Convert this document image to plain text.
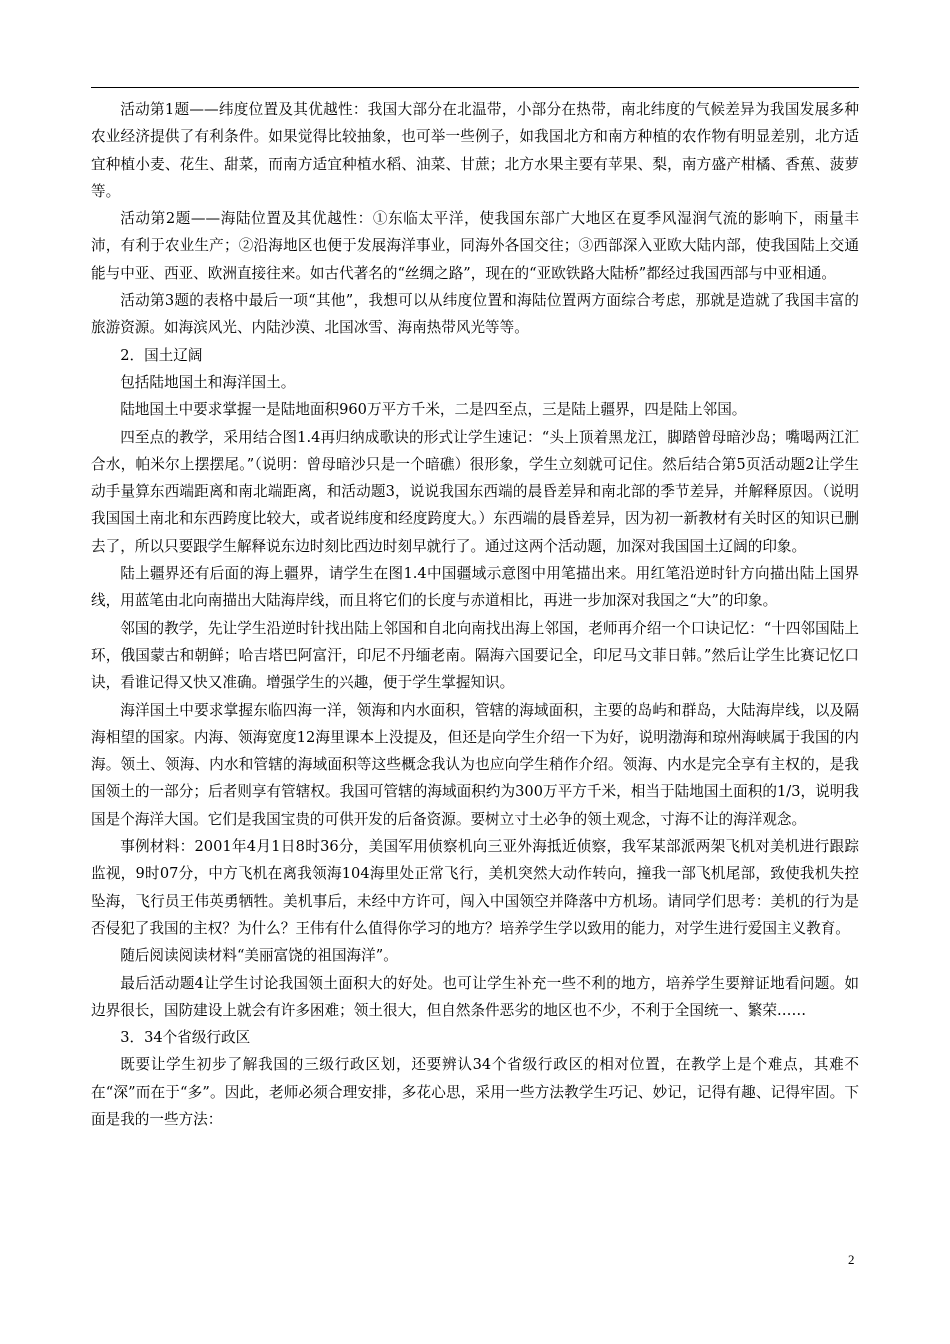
活动第1题——纬度位置及其优越性：我国大部分在北温带，小部分在热带，南北纬度的气候差异为我国发展多种农业经济提供了有利条件。如果觉得比较抽象，也可举一些例子，如我国北方和南方种植的农作物有明显差别，北方适宜种植小麦、花生、甜菜，而南方适宜种植水稻、油菜、甘蔗；北方水果主要有苹果、梨，南方盛产柑橘、香蕉、菠萝等。

活动第2题——海陆位置及其优越性：①东临太平洋，使我国东部广大地区在夏季风湿润气流的影响下，雨量丰沛，有利于农业生产；②沿海地区也便于发展海洋事业，同海外各国交往；③西部深入亚欧大陆内部，使我国陆上交通能与中亚、西亚、欧洲直接往来。如古代著名的“丝绸之路”，现在的“亚欧铁路大陆桥”都经过我国西部与中亚相通。

活动第3题的表格中最后一项“其他”，我想可以从纬度位置和海陆位置两方面综合考虑，那就是造就了我国丰富的旅游资源。如海滨风光、内陆沙漠、北国冰雪、海南热带风光等等。

2．国土辽阔

包括陆地国土和海洋国土。

陆地国土中要求掌握一是陆地面积960万平方千米，二是四至点，三是陆上疆界，四是陆上邻国。

四至点的教学，采用结合图1.4再归纳成歌诀的形式让学生速记：“头上顶着黑龙江，脚踏曾母暗沙岛；嘴喝两江汇合水，帕米尔上摆摆尾。”（说明：曾母暗沙只是一个暗礁）很形象，学生立刻就可记住。然后结合第5页活动题2让学生动手量算东西端距离和南北端距离，和活动题3，说说我国东西端的晨昏差异和南北部的季节差异，并解释原因。（说明我国国土南北和东西跨度比较大，或者说纬度和经度跨度大。）东西端的晨昏差异，因为初一新教材有关时区的知识已删去了，所以只要跟学生解释说东边时刻比西边时刻早就行了。通过这两个活动题，加深对我国国土辽阔的印象。

陆上疆界还有后面的海上疆界，请学生在图1.4中国疆域示意图中用笔描出来。用红笔沿逆时针方向描出陆上国界线，用蓝笔由北向南描出大陆海岸线，而且将它们的长度与赤道相比，再进一步加深对我国之“大”的印象。

邻国的教学，先让学生沿逆时针找出陆上邻国和自北向南找出海上邻国，老师再介绍一个口诀记忆：“十四邻国陆上环，俄国蒙古和朝鲜；哈吉塔巴阿富汗，印尼不丹缅老南。隔海六国要记全，印尼马文菲日韩。”然后让学生比赛记忆口诀，看谁记得又快又准确。增强学生的兴趣，便于学生掌握知识。

海洋国土中要求掌握东临四海一洋，领海和内水面积，管辖的海域面积，主要的岛屿和群岛，大陆海岸线，以及隔海相望的国家。内海、领海宽度12海里课本上没提及，但还是向学生介绍一下为好，说明渤海和琼州海峡属于我国的内海。领土、领海、内水和管辖的海域面积等这些概念我认为也应向学生稍作介绍。领海、内水是完全享有主权的，是我国领土的一部分；后者则享有管辖权。我国可管辖的海域面积约为300万平方千米，相当于陆地国土面积的1/3，说明我国是个海洋大国。它们是我国宝贵的可供开发的后备资源。要树立寸土必争的领土观念，寸海不让的海洋观念。

事例材料：2001年4月1日8时36分，美国军用侦察机向三亚外海抵近侦察，我军某部派两架飞机对美机进行跟踪监视，9时07分，中方飞机在离我领海104海里处正常飞行，美机突然大动作转向，撞我一部飞机尾部，致使我机失控坠海，飞行员王伟英勇牺牲。美机事后，未经中方许可，闯入中国领空并降落中方机场。请同学们思考：美机的行为是否侵犯了我国的主权？为什么？王伟有什么值得你学习的地方？培养学生学以致用的能力，对学生进行爱国主义教育。

随后阅读阅读材料“美丽富饶的祖国海洋”。

最后活动题4让学生讨论我国领土面积大的好处。也可让学生补充一些不利的地方，培养学生要辩证地看问题。如边界很长，国防建设上就会有许多困难；领土很大，但自然条件恶劣的地区也不少，不利于全国统一、繁荣……

3．34个省级行政区

既要让学生初步了解我国的三级行政区划，还要辨认34个省级行政区的相对位置，在教学上是个难点，其难不在“深”而在于“多”。因此，老师必须合理安排，多花心思，采用一些方法教学生巧记、妙记，记得有趣、记得牢固。下面是我的一些方法：

2
